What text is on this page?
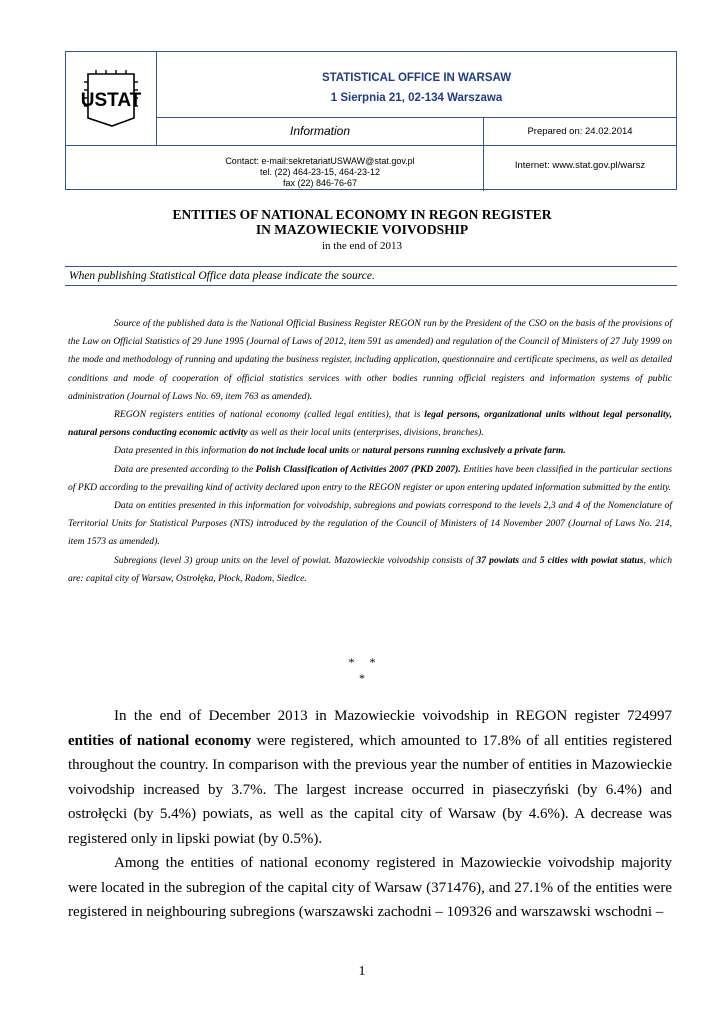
USTAT
STATISTICAL OFFICE IN WARSAW
1 Sierpnia 21, 02-134 Warszawa
Information	Prepared on: 24.02.2014
Contact: e-mail:sekretariatUSWAW@stat.gov.pl
tel. (22) 464-23-15, 464-23-12
fax (22) 846-76-67
Internet: www.stat.gov.pl/warsz
ENTITIES OF NATIONAL ECONOMY IN REGON REGISTER
IN MAZOWIECKIE VOIVODSHIP
in the end of 2013
When publishing Statistical Office data please indicate the source.

Source of the published data is the National Official Business Register REGON run by the President of the CSO on the basis of the provisions of the Law on Official Statistics of 29 June 1995 (Journal of Laws of 2012, item 591 as amended) and regulation of the Council of Ministers of 27 July 1999 on the mode and methodology of running and updating the business register, including application, questionnaire and certificate specimens, as well as detailed conditions and mode of cooperation of official statistics services with other bodies running official registers and information systems of public administration (Journal of Laws No. 69, item 763 as amended).

REGON registers entities of national economy (called legal entities), that is legal persons, organizational units without legal personality, natural persons conducting economic activity as well as their local units (enterprises, divisions, branches).

Data presented in this information do not include local units or natural persons running exclusively a private farm.

Data are presented according to the Polish Classification of Activities 2007 (PKD 2007). Entities have been classified in the particular sections of PKD according to the prevailing kind of activity declared upon entry to the REGON register or upon entering updated information submitted by the entity.

Data on entities presented in this information for voivodship, subregions and powiats correspond to the levels 2,3 and 4 of the Nomenclature of Territorial Units for Statistical Purposes (NTS) introduced by the regulation of the Council of Ministers of 14 November 2007 (Journal of Laws No. 214, item 1573 as amended).

Subregions (level 3) group units on the level of powiat. Mazowieckie voivodship consists of 37 powiats and 5 cities with powiat status, which are: capital city of Warsaw, Ostrołęka, Płock, Radom, Siedlce.

*     *
*

In the end of December 2013 in Mazowieckie voivodship in REGON register 724997 entities of national economy were registered, which amounted to 17.8% of all entities registered throughout the country. In comparison with the previous year the number of entities in Mazowieckie voivodship increased by 3.7%. The largest increase occurred in piaseczyński (by 6.4%) and ostrołęcki (by 5.4%) powiats, as well as the capital city of Warsaw (by 4.6%). A decrease was registered only in lipski powiat (by 0.5%).

Among the entities of national economy registered in Mazowieckie voivodship majority were located in the subregion of the capital city of Warsaw (371476), and 27.1% of the entities were registered in neighbouring subregions (warszawski zachodni – 109326 and warszawski wschodni –

1
